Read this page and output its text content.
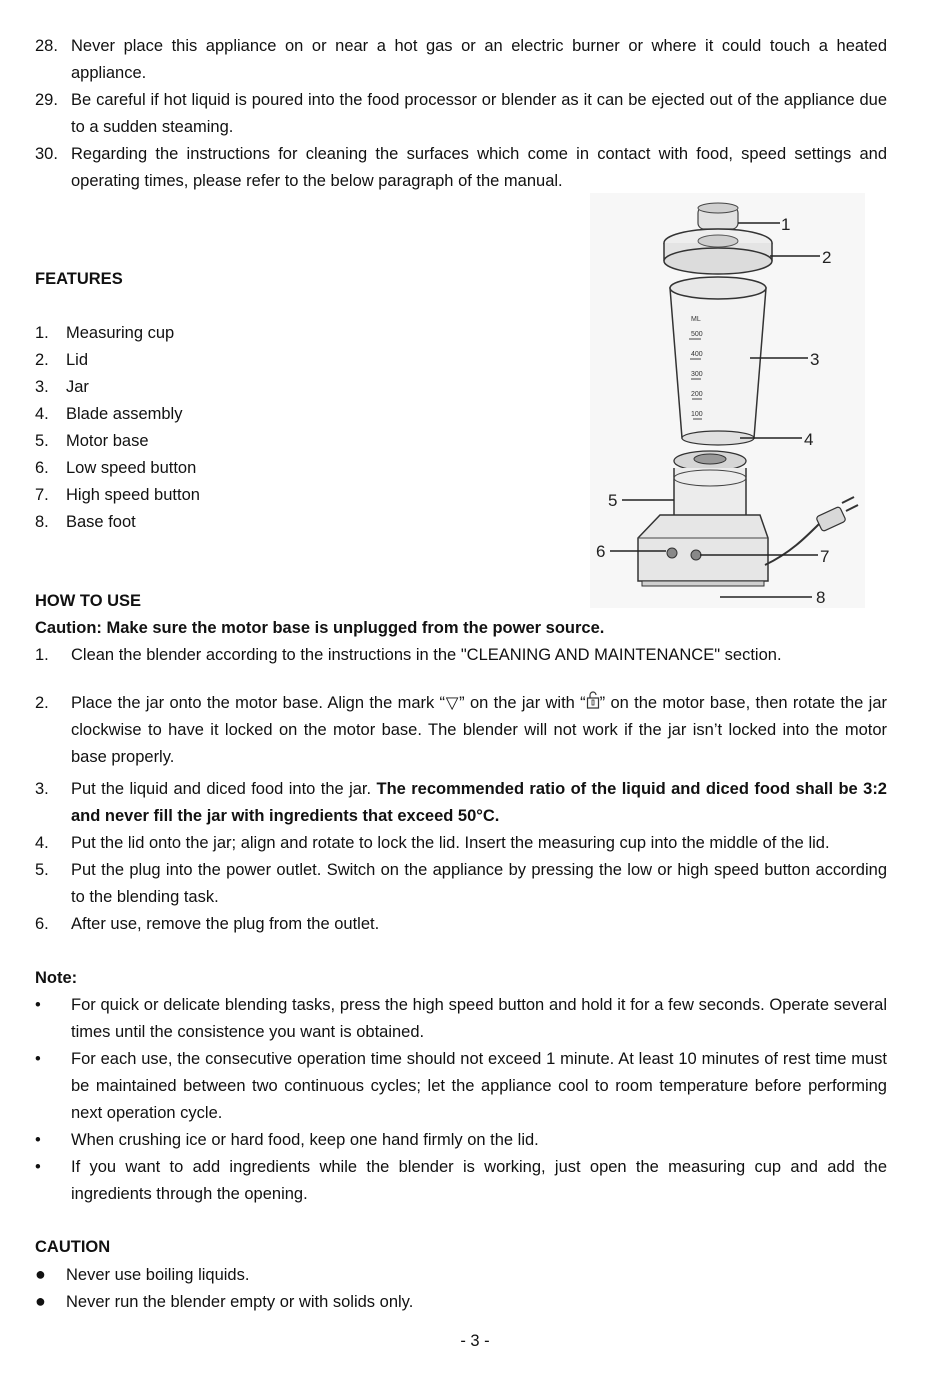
28. Never place this appliance on or near a hot gas or an electric burner or where it could touch a heated appliance.
29. Be careful if hot liquid is poured into the food processor or blender as it can be ejected out of the appliance due to a sudden steaming.
30. Regarding the instructions for cleaning the surfaces which come in contact with food, speed settings and operating times, please refer to the below paragraph of the manual.
FEATURES
1. Measuring cup
2. Lid
3. Jar
4. Blade assembly
5. Motor base
6. Low speed button
7. High speed button
8. Base foot
ML
500
400
300
200
100
1
2
3
4
5
6	7
8
HOW TO USE
Caution: Make sure the motor base is unplugged from the power source.
1.	Clean the blender according to the instructions in the "CLEANING AND MAINTENANCE" section.
2.	Place the jar onto the motor base. Align the mark “▽” on the jar with “ ” on the motor base, then rotate the jar clockwise to have it locked on the motor base. The blender will not work if the jar isn’t locked into the motor base properly.
3.	Put the liquid and diced food into the jar. The recommended ratio of the liquid and diced food shall be 3:2 and never fill the jar with ingredients that exceed 50°C.
4.	Put the lid onto the jar; align and rotate to lock the lid. Insert the measuring cup into the middle of the lid.
5.	Put the plug into the power outlet. Switch on the appliance by pressing the low or high speed button according to the blending task.
6.	After use, remove the plug from the outlet.
Note:
•	For quick or delicate blending tasks, press the high speed button and hold it for a few seconds. Operate several times until the consistence you want is obtained.
•	For each use, the consecutive operation time should not exceed 1 minute. At least 10 minutes of rest time must be maintained between two continuous cycles; let the appliance cool to room temperature before performing next operation cycle.
•	When crushing ice or hard food, keep one hand firmly on the lid.
•	If you want to add ingredients while the blender is working, just open the measuring cup and add the ingredients through the opening.
CAUTION
● Never use boiling liquids.
● Never run the blender empty or with solids only.
- 3 -
